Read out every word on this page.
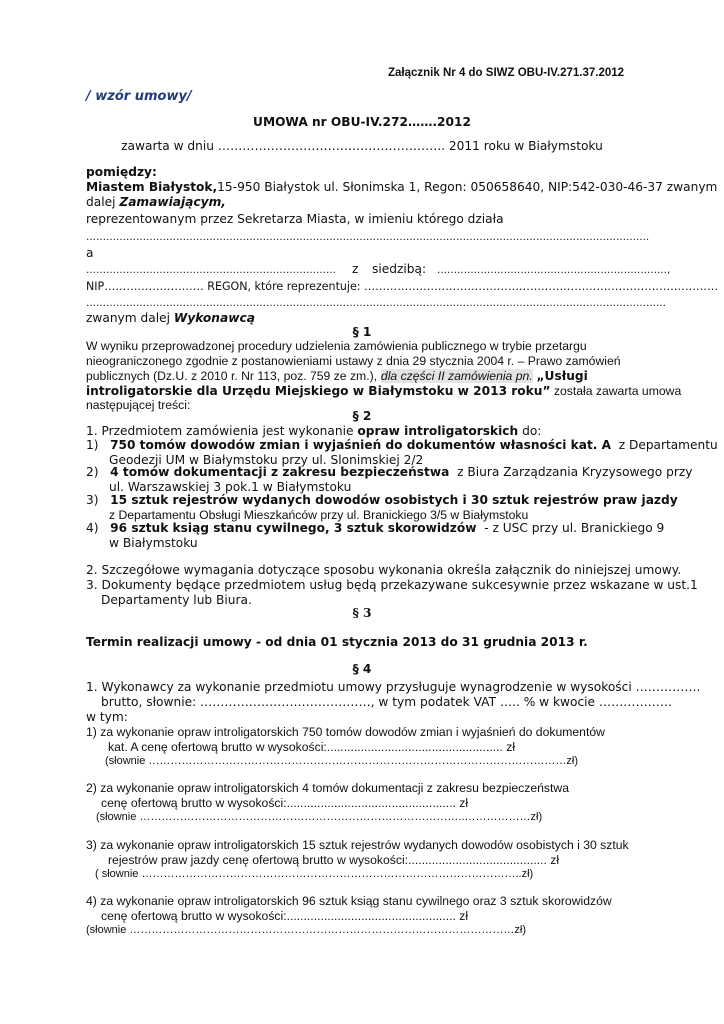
Załącznik Nr 4 do SIWZ OBU-IV.271.37.2012
/ wzór umowy/
UMOWA nr OBU-IV.272…….2012
zawarta w dniu ……………………………………………….. 2011 roku w Białymstoku
pomiędzy:
Miastem Białystok,15-950 Białystok ul. Słonimska 1, Regon: 050658640, NIP:542-030-46-37 zwanym
dalej Zamawiającym,
reprezentowanym przez Sekretarza Miasta, w imieniu którego działa
…………………………………………………………………………………………………………………………………………………….
a
………………………………………………………………… z siedzibą: ……………………………………………………………,
NIP……………………… REGON, które reprezentuje: ……………………………………………………………………………………
…………………………………………………………………………………………………………………………………………………………
zwanym dalej Wykonawcą
§ 1
W wyniku przeprowadzonej procedury udzielenia zamówienia publicznego w trybie przetargu
nieograniczonego zgodnie z postanowieniami ustawy z dnia 29 stycznia 2004 r. – Prawo zamówień
publicznych (Dz.U. z 2010 r. Nr 113, poz. 759 ze zm.), dla części II zamówienia pn. „Usługi
introligatorskie dla Urzędu Miejskiego w Białymstoku w 2013 roku” została zawarta umowa
następującej treści:
§ 2
1. Przedmiotem zamówienia jest wykonanie opraw introligatorskich do:
1) 750 tomów dowodów zmian i wyjaśnień do dokumentów własności kat. A z Departamentu
Geodezji UM w Białymstoku przy ul. Slonimskiej 2/2
2) 4 tomów dokumentacji z zakresu bezpieczeństwa z Biura Zarządzania Kryzysowego przy
ul. Warszawskiej 3 pok.1 w Białymstoku
3) 15 sztuk rejestrów wydanych dowodów osobistych i 30 sztuk rejestrów praw jazdy
z Departamentu Obsługi Mieszkańców przy ul. Branickiego 3/5 w Białymstoku
4) 96 sztuk ksiąg stanu cywilnego, 3 sztuk skorowidzów - z USC przy ul. Branickiego 9
w Białymstoku
2. Szczegółowe wymagania dotyczące sposobu wykonania określa załącznik do niniejszej umowy.
3. Dokumenty będące przedmiotem usług będą przekazywane sukcesywnie przez wskazane w ust.1
Departamenty lub Biura.
§ 3
Termin realizacji umowy - od dnia 01 stycznia 2013 do 31 grudnia 2013 r.
§ 4
1. Wykonawcy za wykonanie przedmiotu umowy przysługuje wynagrodzenie w wysokości …………….
brutto, słownie: ……………………………………, w tym podatek VAT ….. % w kwocie ………………
w tym:
1) za wykonanie opraw introligatorskich 750 tomów dowodów zmian i wyjaśnień do dokumentów
kat. A cenę ofertową brutto w wysokości:.................................................... zł
(słownie ……………………………………………………………………………………………………zł)
2) za wykonanie opraw introligatorskich 4 tomów dokumentacji z zakresu bezpieczeństwa
cenę ofertową brutto w wysokości:.................................................. zł
(słownie ……………………………………………………………………………..………………zł)
3) za wykonanie opraw introligatorskich 15 sztuk rejestrów wydanych dowodów osobistych i 30 sztuk
rejestrów praw jazdy cenę ofertową brutto w wysokości:......................................... zł
( słownie …………………………………………………………………………………………..zł)
4) za wykonanie opraw introligatorskich 96 sztuk ksiąg stanu cywilnego oraz 3 sztuk skorowidzów
cenę ofertową brutto w wysokości:.................................................. zł
(słownie ……………………………………………………………………………………………zł)
